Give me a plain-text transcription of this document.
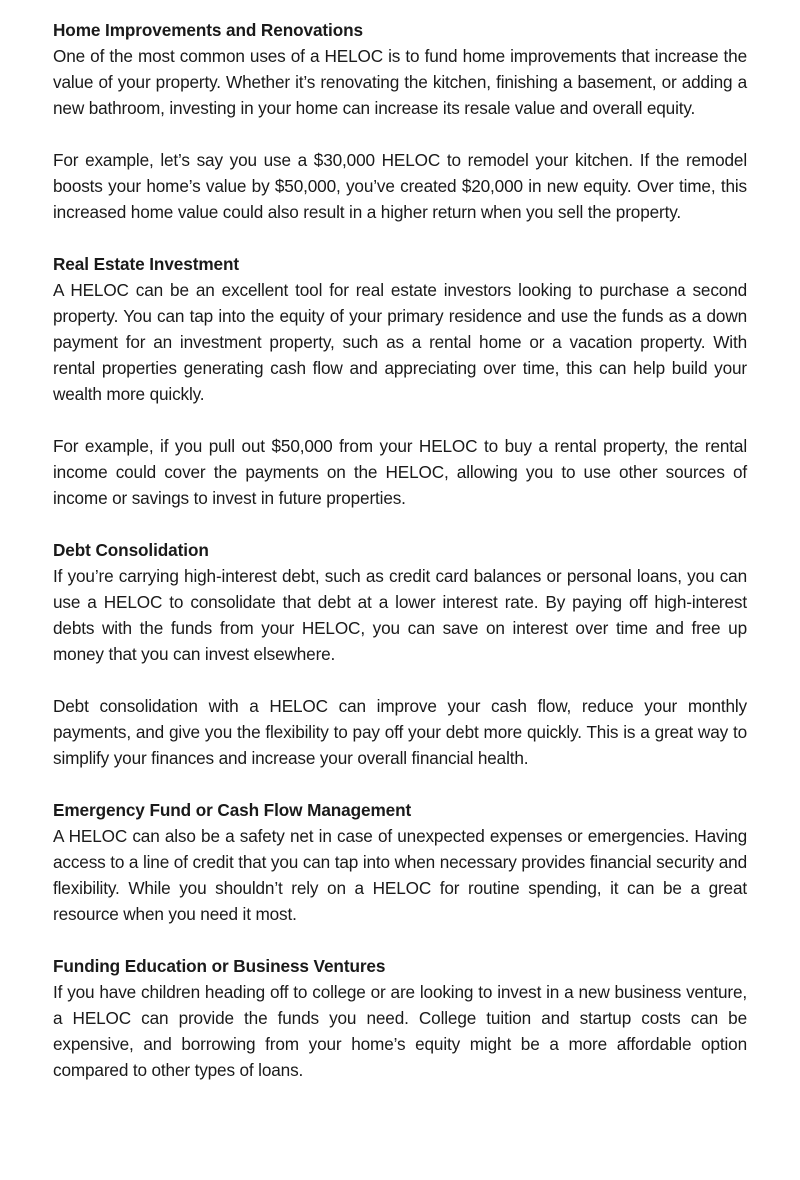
Home Improvements and Renovations

One of the most common uses of a HELOC is to fund home improvements that increase the value of your property. Whether it’s renovating the kitchen, finishing a basement, or adding a new bathroom, investing in your home can increase its resale value and overall equity.

For example, let’s say you use a $30,000 HELOC to remodel your kitchen. If the remodel boosts your home’s value by $50,000, you’ve created $20,000 in new equity. Over time, this increased home value could also result in a higher return when you sell the property.

Real Estate Investment

A HELOC can be an excellent tool for real estate investors looking to purchase a second property. You can tap into the equity of your primary residence and use the funds as a down payment for an investment property, such as a rental home or a vacation property. With rental properties generating cash flow and appreciating over time, this can help build your wealth more quickly.

For example, if you pull out $50,000 from your HELOC to buy a rental property, the rental income could cover the payments on the HELOC, allowing you to use other sources of income or savings to invest in future properties.

Debt Consolidation

If you’re carrying high-interest debt, such as credit card balances or personal loans, you can use a HELOC to consolidate that debt at a lower interest rate. By paying off high-interest debts with the funds from your HELOC, you can save on interest over time and free up money that you can invest elsewhere.

Debt consolidation with a HELOC can improve your cash flow, reduce your monthly payments, and give you the flexibility to pay off your debt more quickly. This is a great way to simplify your finances and increase your overall financial health.

Emergency Fund or Cash Flow Management

A HELOC can also be a safety net in case of unexpected expenses or emergencies. Having access to a line of credit that you can tap into when necessary provides financial security and flexibility. While you shouldn’t rely on a HELOC for routine spending, it can be a great resource when you need it most.

Funding Education or Business Ventures

If you have children heading off to college or are looking to invest in a new business venture, a HELOC can provide the funds you need. College tuition and startup costs can be expensive, and borrowing from your home’s equity might be a more affordable option compared to other types of loans.
